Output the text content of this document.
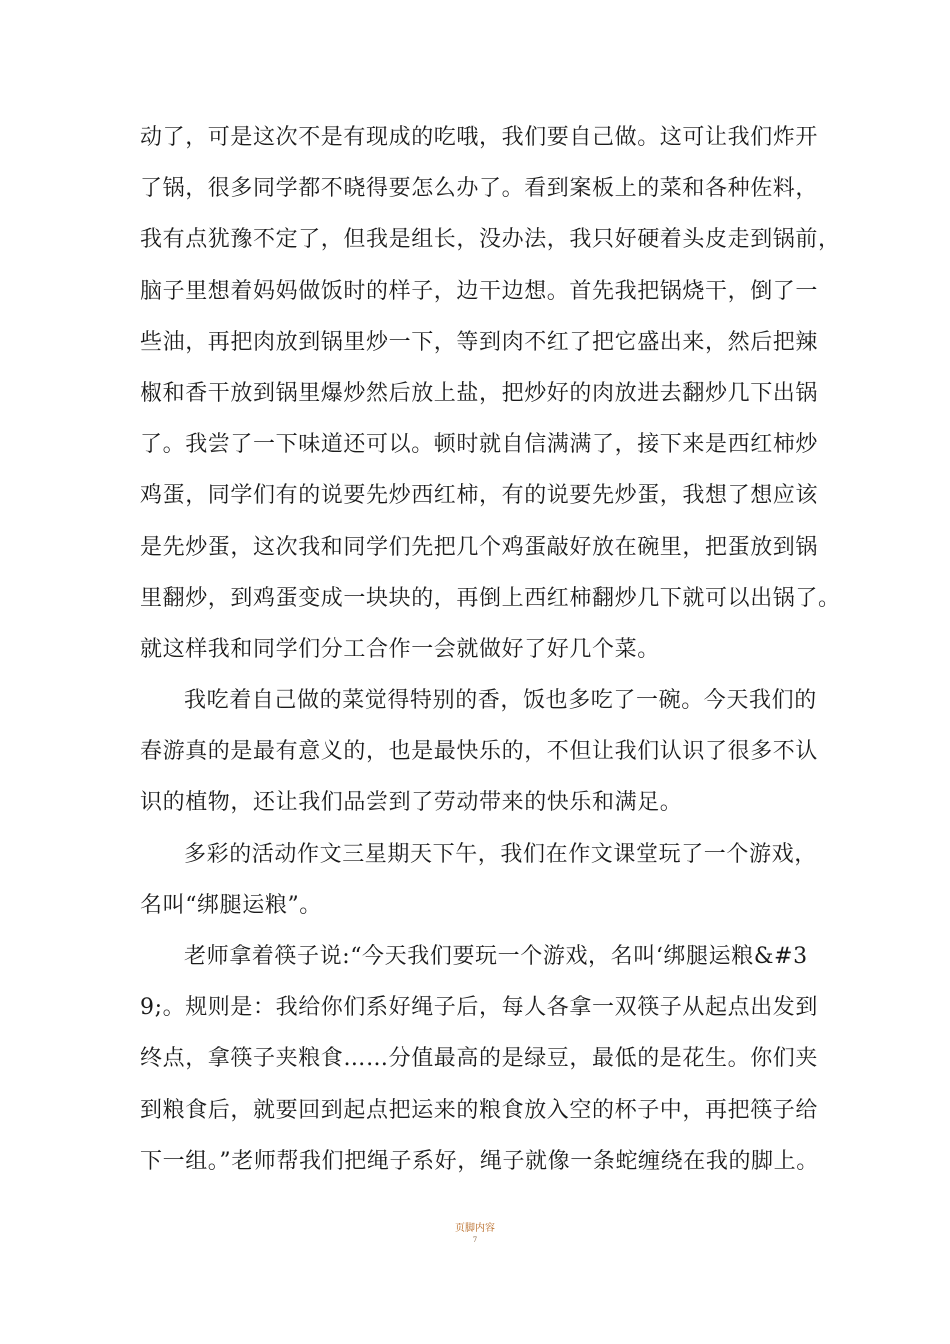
动了，可是这次不是有现成的吃哦，我们要自己做。这可让我们炸开
了锅，很多同学都不晓得要怎么办了。看到案板上的菜和各种佐料，
我有点犹豫不定了，但我是组长，没办法，我只好硬着头皮走到锅前，
脑子里想着妈妈做饭时的样子，边干边想。首先我把锅烧干，倒了一
些油，再把肉放到锅里炒一下，等到肉不红了把它盛出来，然后把辣
椒和香干放到锅里爆炒然后放上盐，把炒好的肉放进去翻炒几下出锅
了。我尝了一下味道还可以。顿时就自信满满了，接下来是西红柿炒
鸡蛋，同学们有的说要先炒西红柿，有的说要先炒蛋，我想了想应该
是先炒蛋，这次我和同学们先把几个鸡蛋敲好放在碗里，把蛋放到锅
里翻炒，到鸡蛋变成一块块的，再倒上西红柿翻炒几下就可以出锅了。
就这样我和同学们分工合作一会就做好了好几个菜。
我吃着自己做的菜觉得特别的香，饭也多吃了一碗。今天我们的
春游真的是最有意义的，也是最快乐的，不但让我们认识了很多不认
识的植物，还让我们品尝到了劳动带来的快乐和满足。
多彩的活动作文三星期天下午，我们在作文课堂玩了一个游戏，
名叫“绑腿运粮”。
老师拿着筷子说:“今天我们要玩一个游戏，名叫‘绑腿运粮&#3
9;。规则是：我给你们系好绳子后，每人各拿一双筷子从起点出发到
终点，拿筷子夹粮食……分值最高的是绿豆，最低的是花生。你们夹
到粮食后，就要回到起点把运来的粮食放入空的杯子中，再把筷子给
下一组。”老师帮我们把绳子系好，绳子就像一条蛇缠绕在我的脚上。
页脚内容
7
